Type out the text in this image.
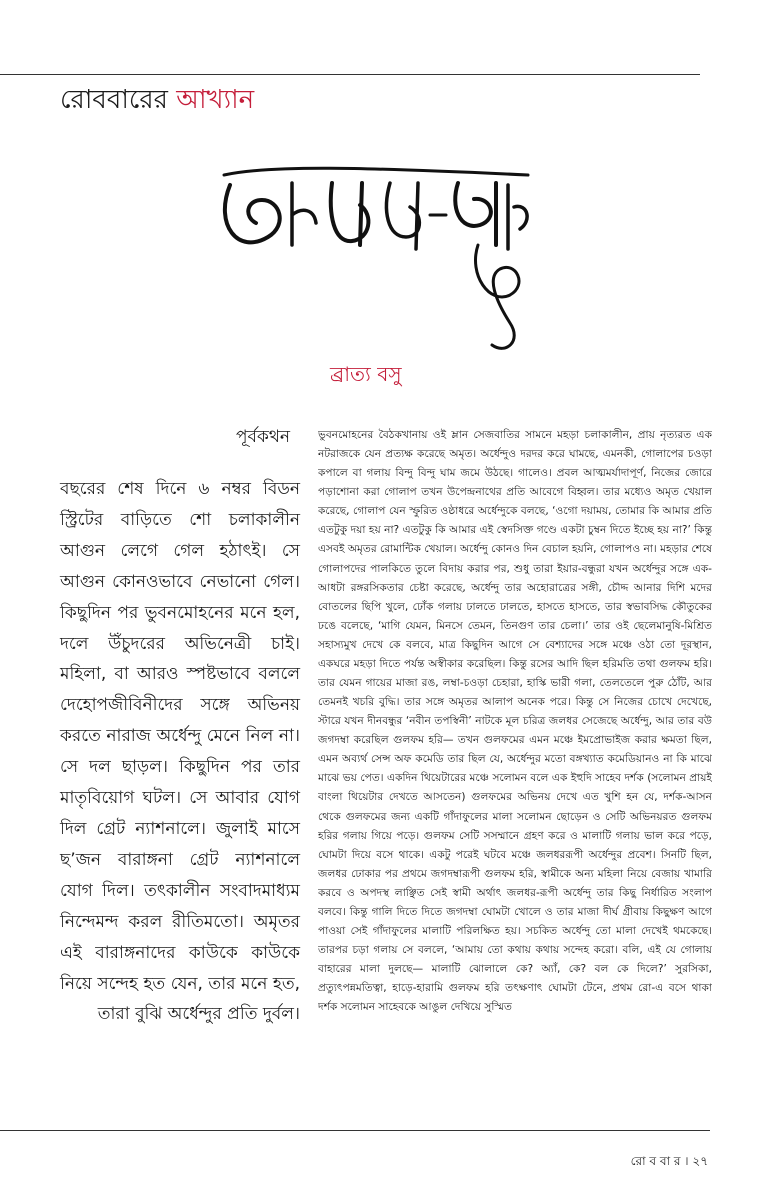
রোববারের আখ্যান
অদামৃত-কথা
ব্রাত্য বসু
পূর্বকথন

বছরের শেষ দিনে ৬ নম্বর বিডন স্ট্রিটের বাড়িতে শো চলাকালীন আগুন লেগে গেল হঠাৎই। সে আগুন কোনওভাবে নেভানো গেল। কিছুদিন পর ভুবনমোহনের মনে হল, দলে উঁচুদরের অভিনেত্রী চাই। মহিলা, বা আরও স্পষ্টভাবে বললে দেহোপজীবিনীদের সঙ্গে অভিনয় করতে নারাজ অর্ধেন্দু মেনে নিল না। সে দল ছাড়ল। কিছুদিন পর তার মাতৃবিয়োগ ঘটল। সে আবার যোগ দিল গ্রেট ন্যাশনালে। জুলাই মাসে ছ’জন বারাঙ্গনা গ্রেট ন্যাশনালে যোগ দিল। তৎকালীন সংবাদমাধ্যম নিন্দেমন্দ করল রীতিমতো। অমৃতর এই বারাঙ্গনাদের কাউকে কাউকে নিয়ে সন্দেহ হত যেন, তার মনে হত, তারা বুঝি অর্ধেন্দুর প্রতি দুর্বল।

ভুবনমোহনের বৈঠকখানায় ওই ম্লান সেজবাতির সামনে মহড়া চলাকালীন, প্রায় নৃত্যরত এক নটরাজকে যেন প্রত্যক্ষ করেছে অমৃত। অর্ধেন্দুও দরদর করে ঘামছে, এমনকী, গোলাপের চওড়া কপালে বা গলায় বিন্দু বিন্দু ঘাম জমে উঠছে। গালেও। প্রবল আত্মমর্যাদাপূর্ণ, নিজের জোরে পড়াশোনা করা গোলাপ তখন উপেন্দ্রনাথের প্রতি আবেগে বিহ্বল। তার মধ্যেও অমৃত খেয়াল করেছে, গোলাপ যেন স্ফুরিত ওষ্ঠাধরে অর্ধেন্দুকে বলছে, ‘ওগো দয়াময়, তোমার কি আমার প্রতি এতটুকু দয়া হয় না? এতটুকু কি আমার এই স্বেদসিক্ত গণ্ডে একটা চুম্বন দিতে ইচ্ছে হয় না?’ কিন্তু এসবই অমৃতর রোমান্টিক খেয়াল। অর্ধেন্দু কোনও দিন বেচাল হয়নি, গোলাপও না। মহড়ার শেষে গোলাপদের পালকিতে তুলে বিদায় করার পর, শুধু তারা ইয়ার-বন্ধুরা যখন অর্ধেন্দুর সঙ্গে এক-আধটা রঙ্গরসিকতার চেষ্টা করেছে, অর্ধেন্দু তার অহোরাত্রের সঙ্গী, চৌদ্দ আনার দিশি মদের বোতলের ছিপি খুলে, ঢোঁক গলায় ঢালতে ঢালতে, হাসতে হাসতে, তার স্বভাবসিদ্ধ কৌতুকের ঢঙে বলেছে, ‘মাগি যেমন, মিনসে তেমন, তিনগুণ তার চেলা।’ তার ওই ছেলেমানুষি-মিশ্রিত সহাস্যমুখ দেখে কে বলবে, মাত্র কিছুদিন আগে সে বেশ্যাদের সঙ্গে মঞ্চে ওঠা তো দূরস্থান, একঘরে মহড়া দিতে পর্যন্ত অস্বীকার করেছিল। কিন্তু রসের আদি ছিল হরিমতি তথা গুলফম হরি। তার যেমন গায়ের মাজা রঙ, লম্বা-চওড়া চেহারা, হাস্কি ভারী গলা, তেলতেলে পুরু ঠোঁট, আর তেমনই খচরি বুদ্ধি। তার সঙ্গে অমৃতর আলাপ অনেক পরে। কিন্তু সে নিজের চোখে দেখেছে, স্টারে যখন দীনবন্ধুর ‘নবীন তপস্বিনী’ নাটকে মূল চরিত্র জলধর সেজেছে অর্ধেন্দু, আর তার বউ জগদম্বা করেছিল গুলফম হরি— তখন গুলফমের এমন মঞ্চে ইমপ্রোভাইজ করার ক্ষমতা ছিল, এমন অব্যর্থ সেন্স অফ কমেডি তার ছিল যে, অর্ধেন্দুর মতো বঙ্গখ্যাত কমেডিয়ানও না কি মাঝে মাঝে ভয় পেত। একদিন থিয়েটারের মঞ্চে সলোমন বলে এক ইহুদি সাহেব দর্শক (সলোমন প্রায়ই বাংলা থিয়েটার দেখতে আসতেন) গুলফমের অভিনয় দেখে এত খুশি হন যে, দর্শক-আসন থেকে গুলফমের জন্য একটি গাঁদাফুলের মালা সলোমন ছোড়েন ও সেটি অভিনয়রত গুলফম হরির গলায় গিয়ে পড়ে। গুলফম সেটি সসম্মানে গ্রহণ করে ও মালাটি গলায় ভাল করে পড়ে, ঘোমটা দিয়ে বসে থাকে। একটু পরেই ঘটবে মঞ্চে জলধররূপী অর্ধেন্দুর প্রবেশ। সিনটি ছিল, জলধর ঢোকার পর প্রথমে জগদম্বারূপী গুলফম হরি, স্বামীকে অন্য মহিলা নিয়ে বেজায় খামারি করবে ও অপদস্থ লাঞ্ছিত সেই স্বামী অর্থাৎ জলধর-রূপী অর্ধেন্দু তার কিছু নির্ধারিত সংলাপ বলবে। কিন্তু গালি দিতে দিতে জগদম্বা ঘোমটা খোলে ও তার মাজা দীর্ঘ গ্রীবায় কিছুক্ষণ আগে পাওয়া সেই গাঁদাফুলের মালাটি পরিলক্ষিত হয়। সচকিত অর্ধেন্দু তো মালা দেখেই থমকেছে। তারপর চড়া গলায় সে বললে, ‘আমায় তো কথায় কথায় সন্দেহ করো। বলি, এই যে গোলায় বাহারের মালা দুলছে— মালাটি ঝোলালে কে? অ্যাঁ, কে? বল কে দিলে?’ সুরসিকা, প্রত্যুৎপন্নমতিত্বা, হাড়ে-হারামি গুলফম হরি তৎক্ষণাৎ ঘোমটা টেনে, প্রথম রো-এ বসে থাকা দর্শক সলোমন সাহেবকে আঙুল দেখিয়ে সুস্মিত

রো ব বা র । ২৭
